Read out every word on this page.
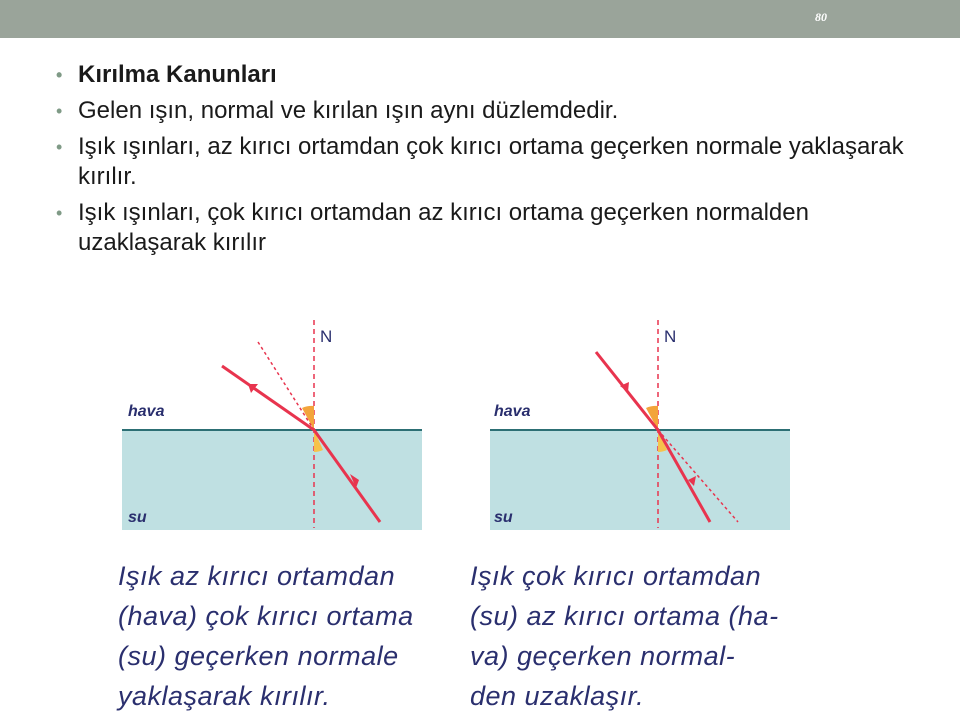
80
• Kırılma Kanunları
• Gelen ışın, normal ve kırılan ışın aynı düzlemdedir.
• Işık ışınları, az kırıcı ortamdan çok kırıcı ortama geçerken normale yaklaşarak kırılır.
• Işık ışınları, çok kırıcı ortamdan az kırıcı ortama geçerken normalden uzaklaşarak kırılır
N
hava
su
N
hava
su
Işık az kırıcı ortamdan
(hava) çok kırıcı ortama
(su) geçerken normale
yaklaşarak kırılır.
Işık çok kırıcı ortamdan
(su) az kırıcı ortama (ha-
va) geçerken normal-
den uzaklaşır.
